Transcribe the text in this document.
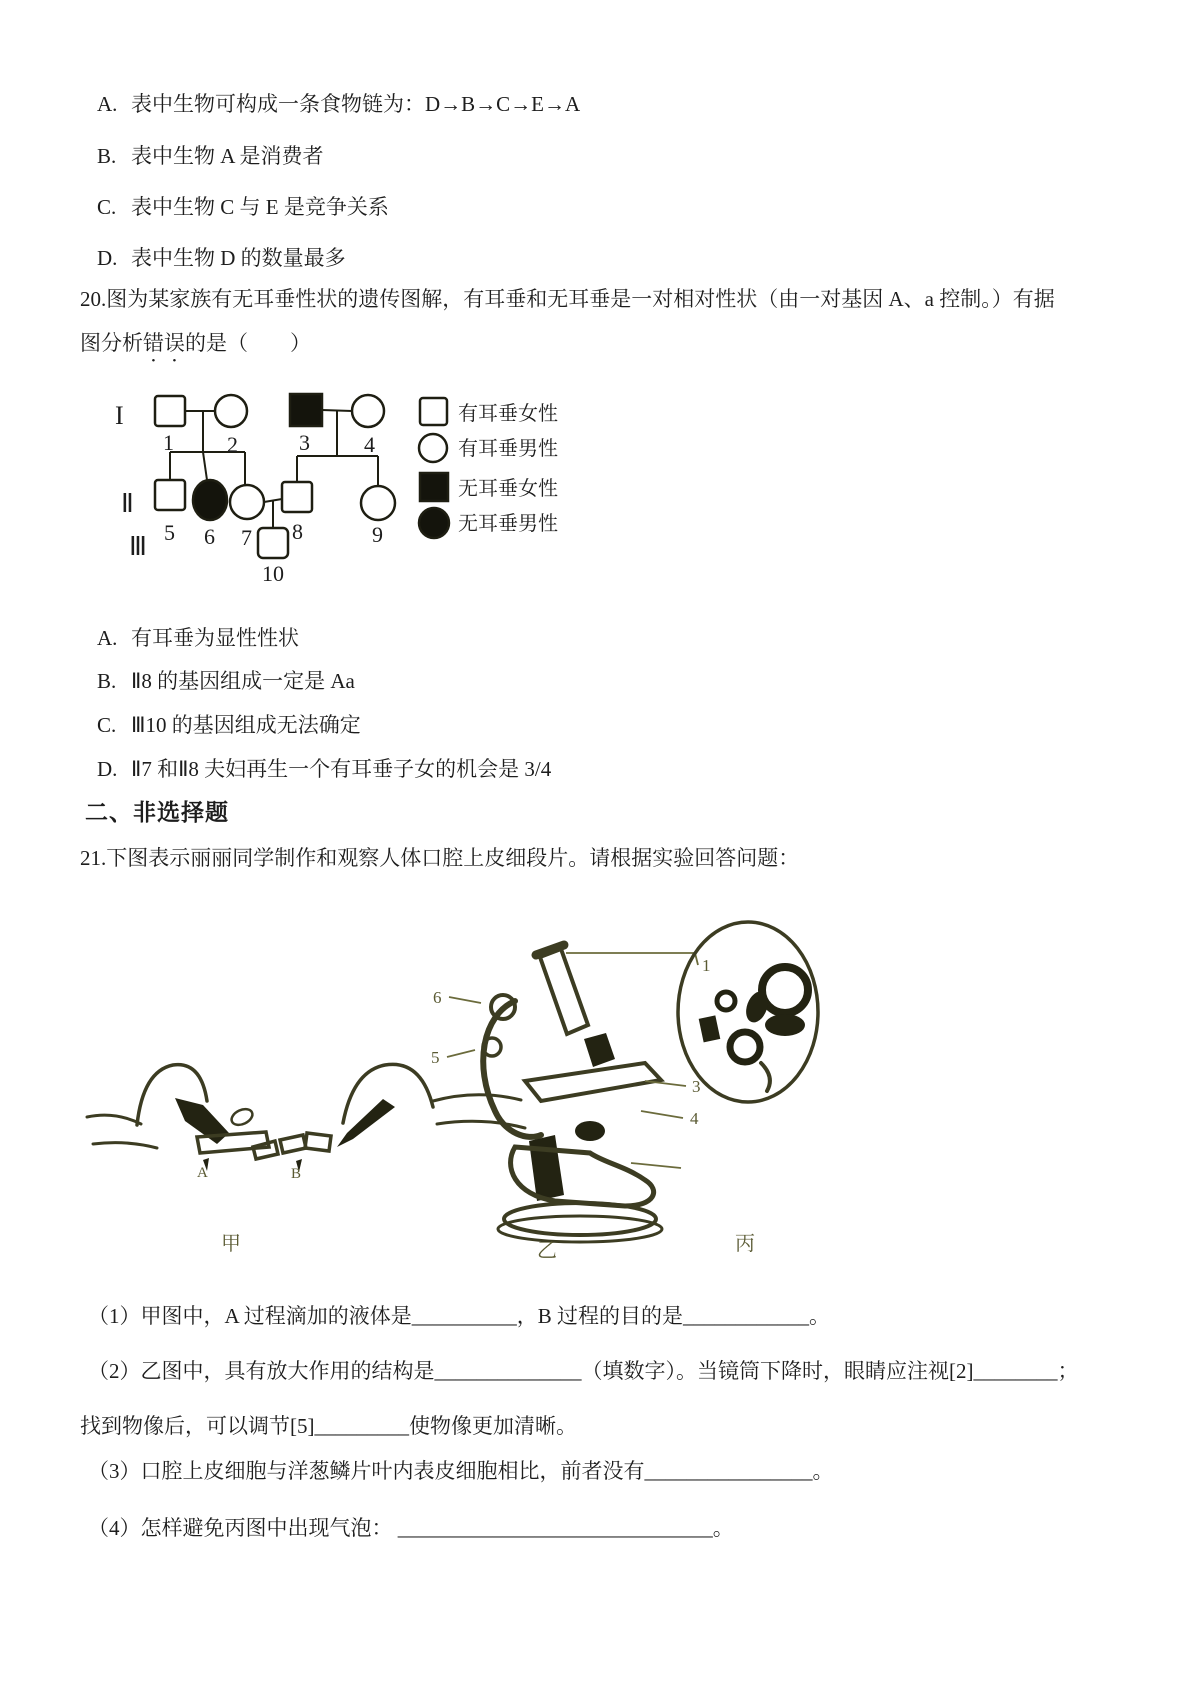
A. 表中生物可构成一条食物链为：D→B→C→E→A
B. 表中生物 A 是消费者
C. 表中生物 C 与 E 是竞争关系
D. 表中生物 D 的数量最多
20.图为某家族有无耳垂性状的遗传图解，有耳垂和无耳垂是一对相对性状（由一对基因 A、a 控制。）有据
图分析错误的是（　　）
I
Ⅱ
Ⅲ
1 2	3 4
5 6 7 8	9
10
有耳垂女性
有耳垂男性
无耳垂女性
无耳垂男性
A. 有耳垂为显性性状
B. Ⅱ8 的基因组成一定是 Aa
C. Ⅲ10 的基因组成无法确定
D. Ⅱ7 和Ⅱ8 夫妇再生一个有耳垂子女的机会是 3/4
二、非选择题
21.下图表示丽丽同学制作和观察人体口腔上皮细段片。请根据实验回答问题：
A	B
甲
1
3
4
6
5
乙	丙
（1）甲图中，A 过程滴加的液体是__________，B 过程的目的是____________。
（2）乙图中，具有放大作用的结构是______________（填数字）。当镜筒下降时，眼睛应注视[2]________；
找到物像后，可以调节[5]_________使物像更加清晰。
（3）口腔上皮细胞与洋葱鳞片叶内表皮细胞相比，前者没有________________。
（4）怎样避免丙图中出现气泡： ______________________________。
